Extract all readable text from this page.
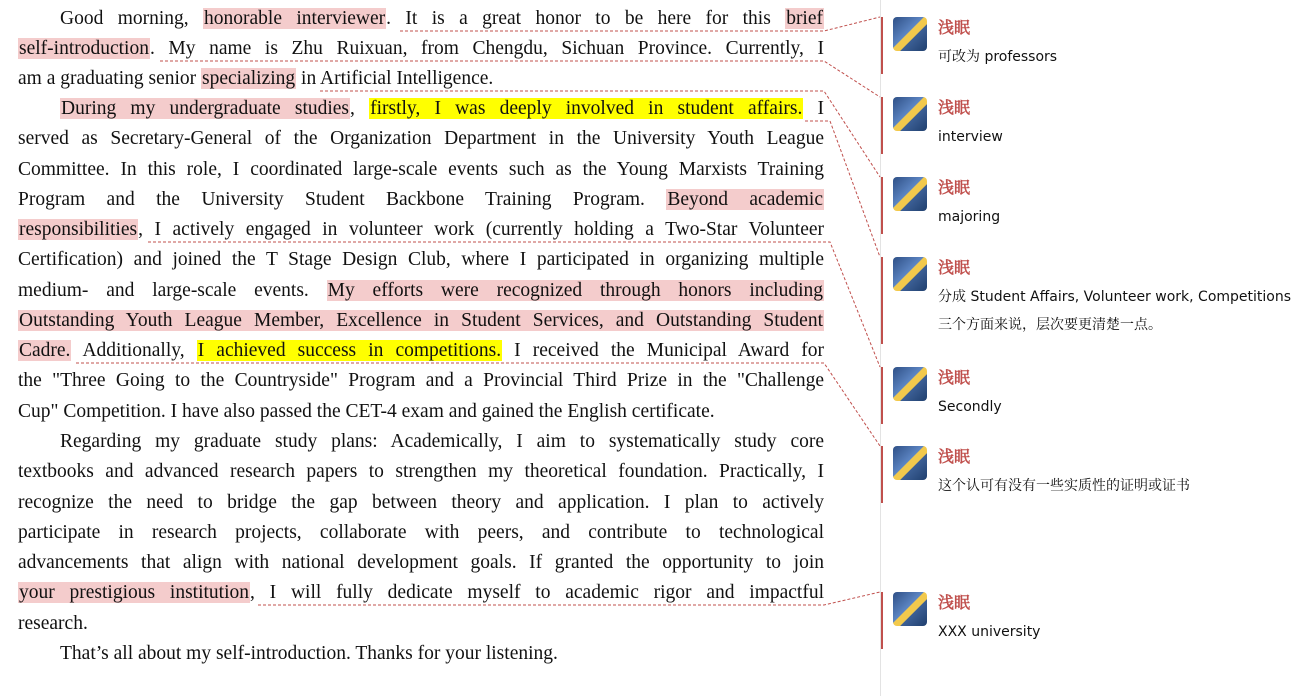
Good morning, honorable interviewer. It is a great honor to be here for this brief
self-introduction. My name is Zhu Ruixuan, from Chengdu, Sichuan Province. Currently, I
am a graduating senior specializing in Artificial Intelligence.
During my undergraduate studies, firstly, I was deeply involved in student affairs. I
served as Secretary-General of the Organization Department in the University Youth League
Committee. In this role, I coordinated large-scale events such as the Young Marxists Training
Program and the University Student Backbone Training Program. Beyond academic
responsibilities, I actively engaged in volunteer work (currently holding a Two-Star Volunteer
Certification) and joined the T Stage Design Club, where I participated in organizing multiple
medium- and large-scale events. My efforts were recognized through honors including
Outstanding Youth League Member, Excellence in Student Services, and Outstanding Student
Cadre. Additionally, I achieved success in competitions. I received the Municipal Award for
the "Three Going to the Countryside" Program and a Provincial Third Prize in the "Challenge
Cup" Competition. I have also passed the CET-4 exam and gained the English certificate.
Regarding my graduate study plans: Academically, I aim to systematically study core
textbooks and advanced research papers to strengthen my theoretical foundation. Practically, I
recognize the need to bridge the gap between theory and application. I plan to actively
participate in research projects, collaborate with peers, and contribute to technological
advancements that align with national development goals. If granted the opportunity to join
your prestigious institution, I will fully dedicate myself to academic rigor and impactful
research.
That’s all about my self-introduction. Thanks for your listening.
浅眠
可改为 professors
浅眠
interview
浅眠
majoring
浅眠
分成 Student Affairs, Volunteer work, Competitions 三个方面来说，层次要更清楚一点。
浅眠
Secondly
浅眠
这个认可有没有一些实质性的证明或证书
浅眠
XXX university
